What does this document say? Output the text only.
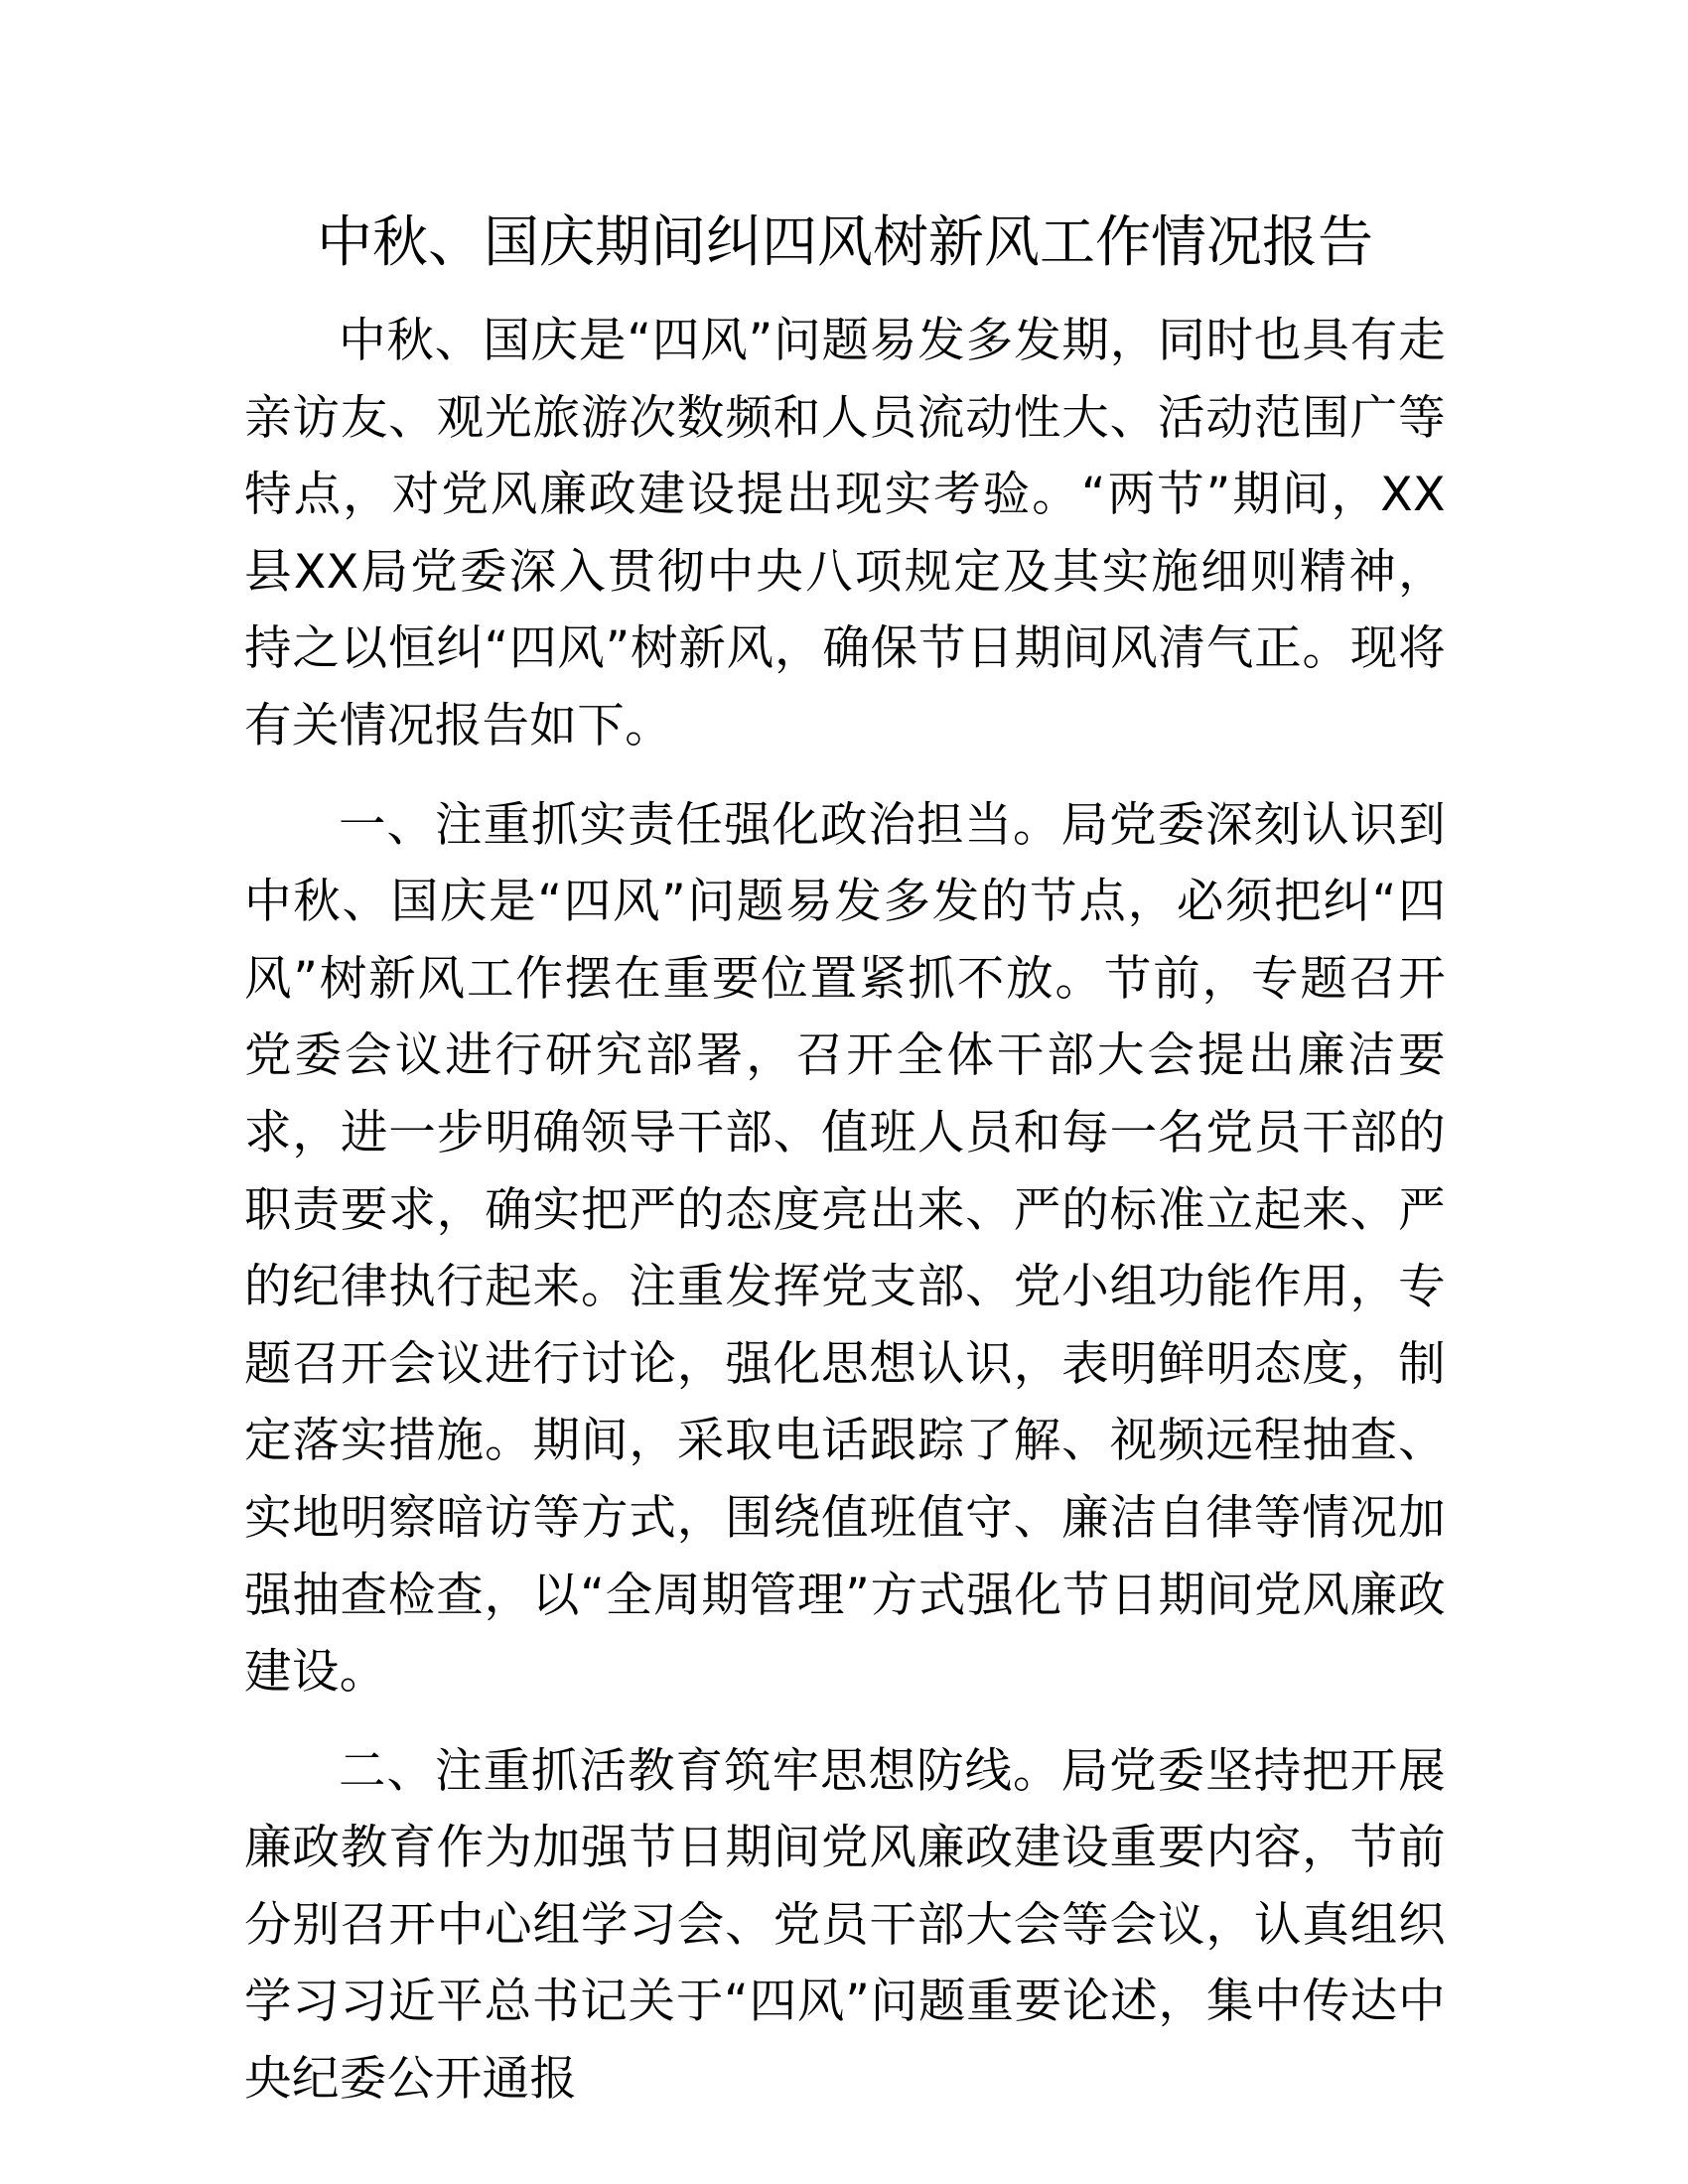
中秋、国庆期间纠四风树新风工作情况报告

中秋、国庆是“四风”问题易发多发期，同时也具有走亲访友、观光旅游次数频和人员流动性大、活动范围广等特点，对党风廉政建设提出现实考验。“两节”期间，XX县XX局党委深入贯彻中央八项规定及其实施细则精神，持之以恒纠“四风”树新风，确保节日期间风清气正。现将有关情况报告如下。

一、注重抓实责任强化政治担当。局党委深刻认识到中秋、国庆是“四风”问题易发多发的节点，必须把纠“四风”树新风工作摆在重要位置紧抓不放。节前，专题召开党委会议进行研究部署，召开全体干部大会提出廉洁要求，进一步明确领导干部、值班人员和每一名党员干部的职责要求，确实把严的态度亮出来、严的标准立起来、严的纪律执行起来。注重发挥党支部、党小组功能作用，专题召开会议进行讨论，强化思想认识，表明鲜明态度，制定落实措施。期间，采取电话跟踪了解、视频远程抽查、实地明察暗访等方式，围绕值班值守、廉洁自律等情况加强抽查检查，以“全周期管理”方式强化节日期间党风廉政建设。

二、注重抓活教育筑牢思想防线。局党委坚持把开展廉政教育作为加强节日期间党风廉政建设重要内容，节前分别召开中心组学习会、党员干部大会等会议，认真组织学习习近平总书记关于“四风”问题重要论述，集中传达中央纪委公开通报
